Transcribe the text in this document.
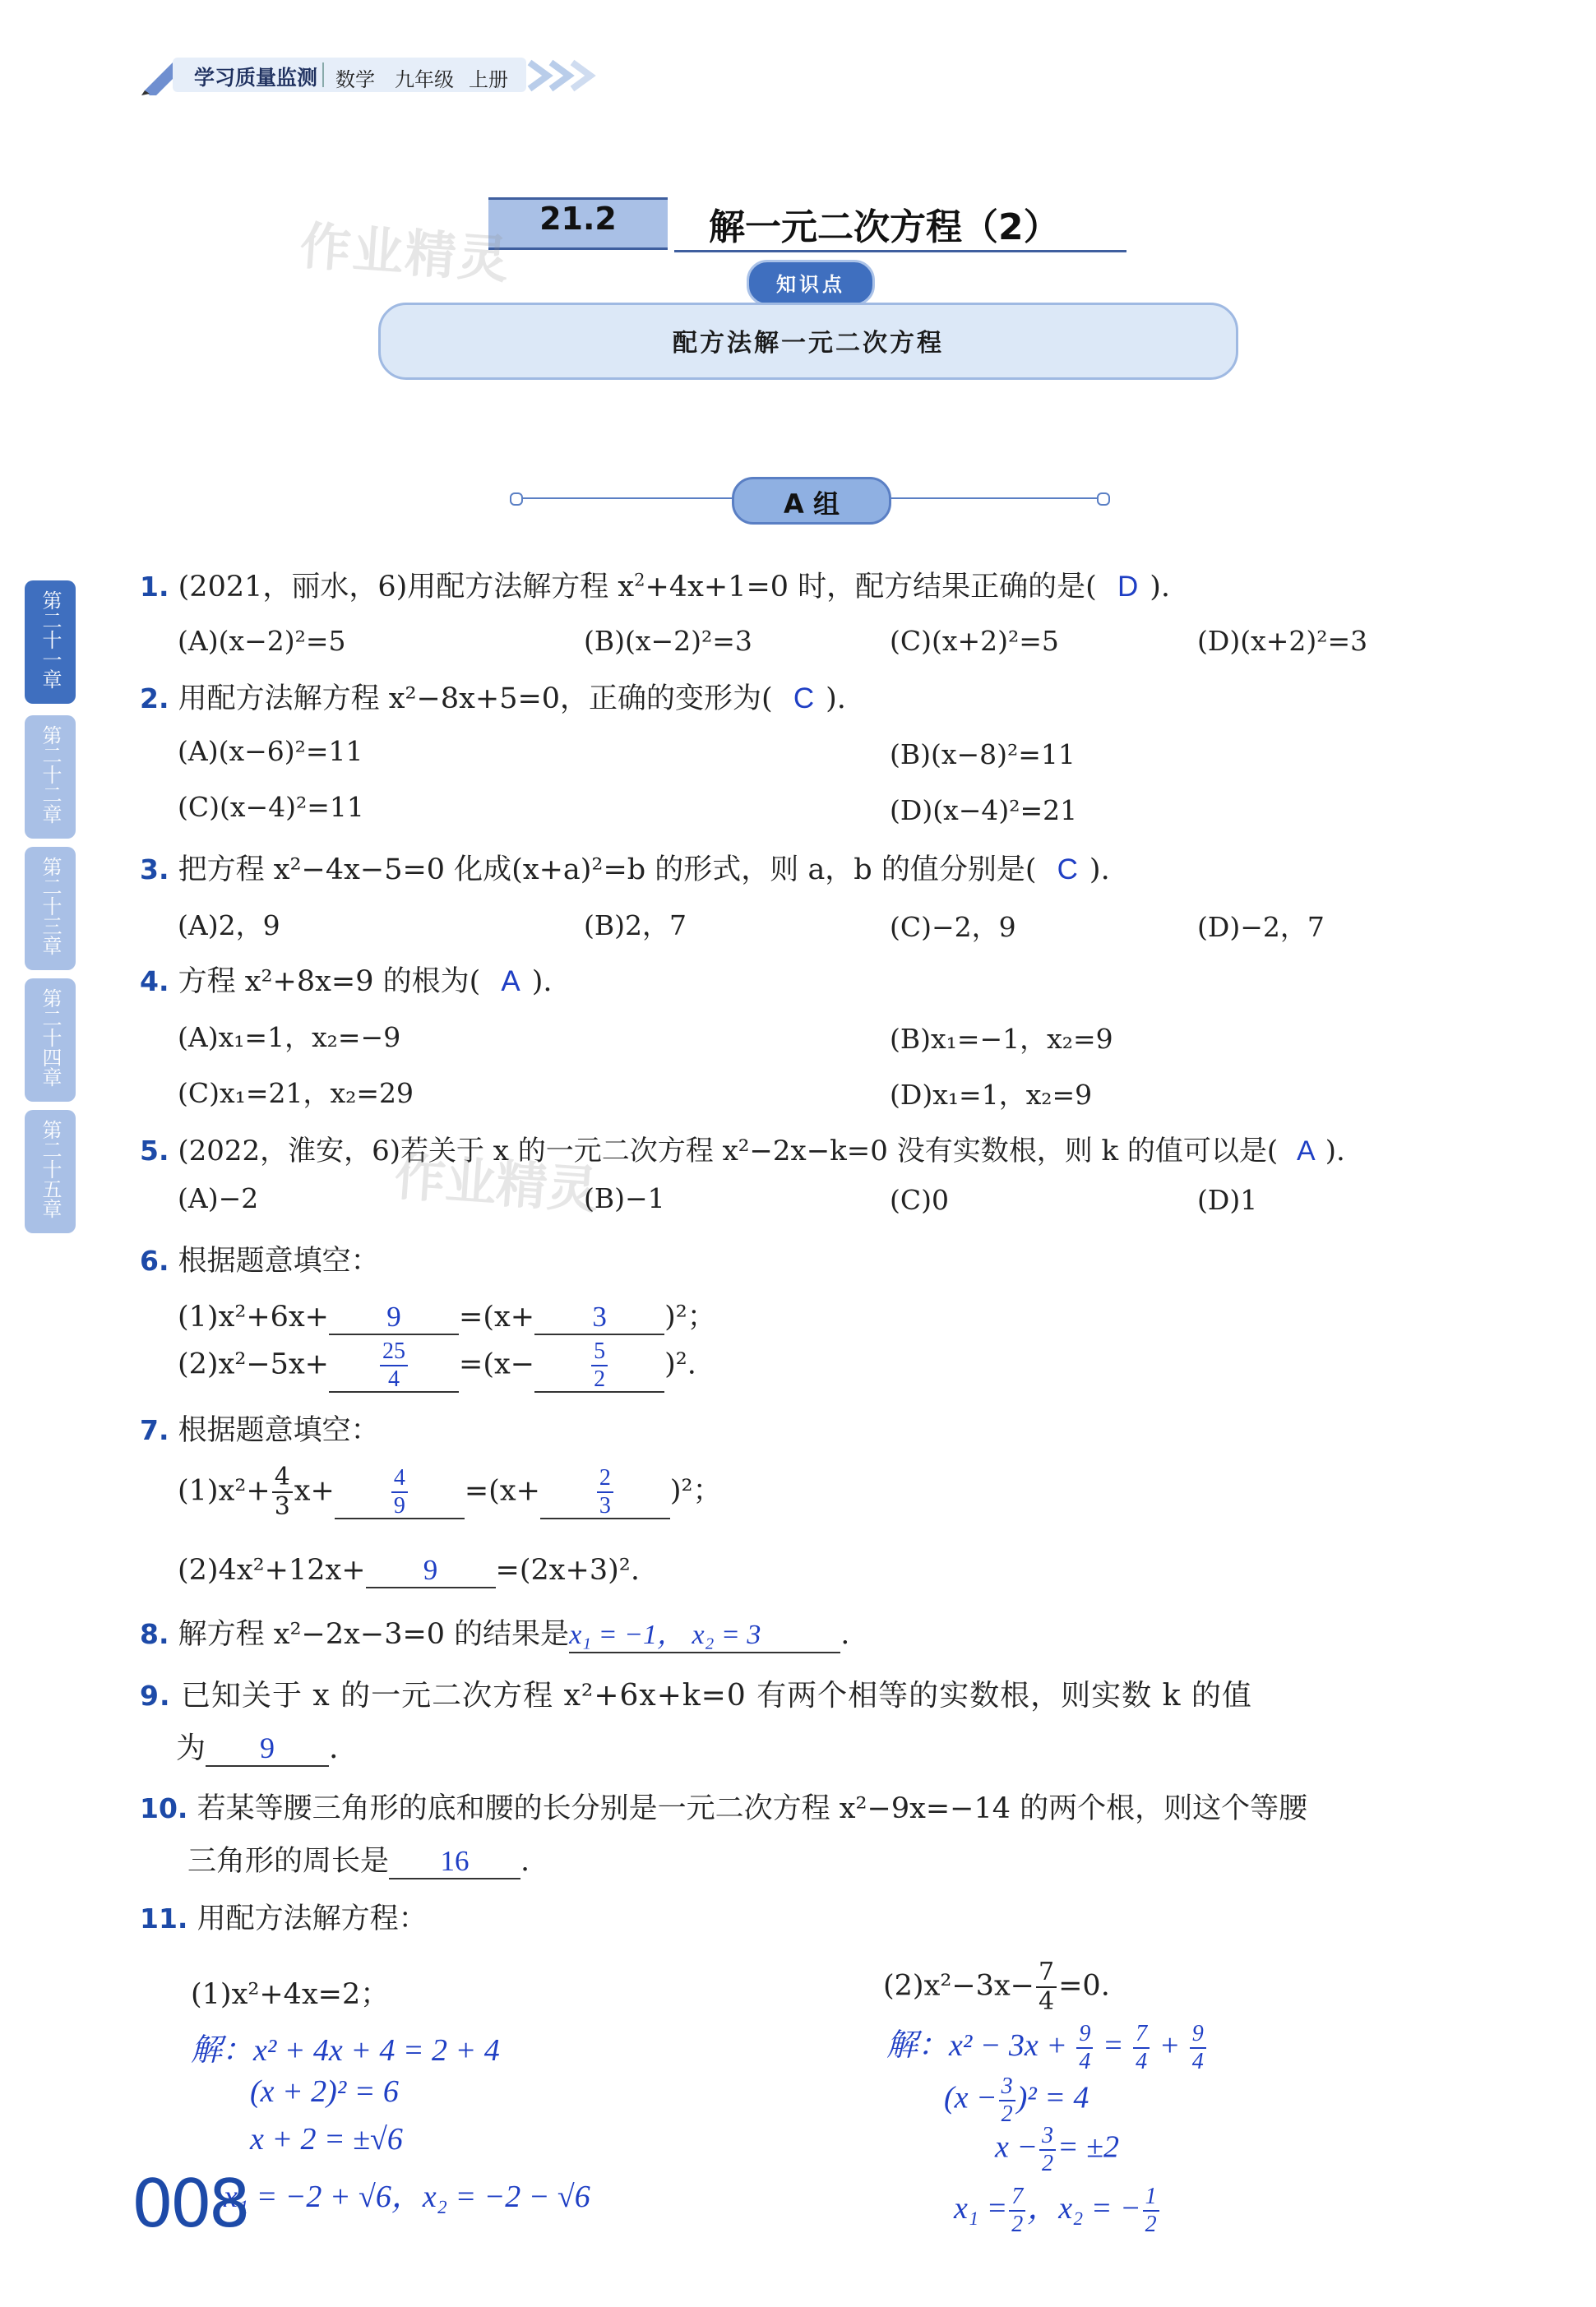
学习质量监测 数学 九年级 上册
21.2	解一元二次方程（2）
作业精灵	知识点
配方法解一元二次方程
A 组
第二十一章
第二十二章
第二十三章
第二十四章
第二十五章
1. (2021，丽水，6)用配方法解方程 $x^2+4x+1=0$ 时，配方结果正确的是( D ).
(A)(x−2)²=5	(B)(x−2)²=3	(C)(x+2)²=5	(D)(x+2)²=3
2. 用配方法解方程 x²−8x+5=0，正确的变形为( C ).
(A)(x−6)²=11	(B)(x−8)²=11
(C)(x−4)²=11	(D)(x−4)²=21
3. 把方程 x²−4x−5=0 化成(x+a)²=b 的形式，则 a，b 的值分别是( C ).
(A)2，9	(B)2，7	(C)−2，9	(D)−2，7
4. 方程 x²+8x=9 的根为( A ).
(A)x₁=1，x₂=−9	(B)x₁=−1，x₂=9
(C)x₁=21，x₂=29	(D)x₁=1，x₂=9
5. (2022，淮安，6)若关于 x 的一元二次方程 x²−2x−k=0 没有实数根，则 k 的值可以是( A ).
作业精灵
(A)−2	(B)−1	(C)0	(D)1
6. 根据题意填空：
(1)x²+6x+ 9 =(x+ 3 )²；
$(2)x^2-5x+ \frac{25}{4} =(x- \frac{5}{2} )^2$.
7. 根据题意填空：
$(1)x^2+ \frac{4}{3} x+ \frac{4}{9} =(x+ \frac{2}{3} )^2$；
(2)4x²+12x+ 9 =(2x+3)².
8. 解方程 x²−2x−3=0 的结果是x₁ = −1， x₂ = 3	.
9. 已知关于 x 的一元二次方程 x²+6x+k=0 有两个相等的实数根，则实数 k 的值
为 9 .
10. 若某等腰三角形的底和腰的长分别是一元二次方程 x²−9x=−14 的两个根，则这个等腰
三角形的周长是 16 .
11. 用配方法解方程：
(1)x²+4x=2；
解：x² + 4x + 4 = 2 + 4
(x + 2)² = 6
x + 2 = ±√6
x₁ = −2 + √6，x₂ = −2 − √6
$(2)x^2-3x- \frac{7}{4} =0$.
解：$x^2 - 3x + \frac{9}{4} = \frac{7}{4} + \frac{9}{4}$
$(x - \frac{3}{2} )^2 = 4$
$x - \frac{3}{2} = \pm 2$
$x_1 = \frac{7}{2}$ ，x₂ = − $\frac{1}{2}$
008
